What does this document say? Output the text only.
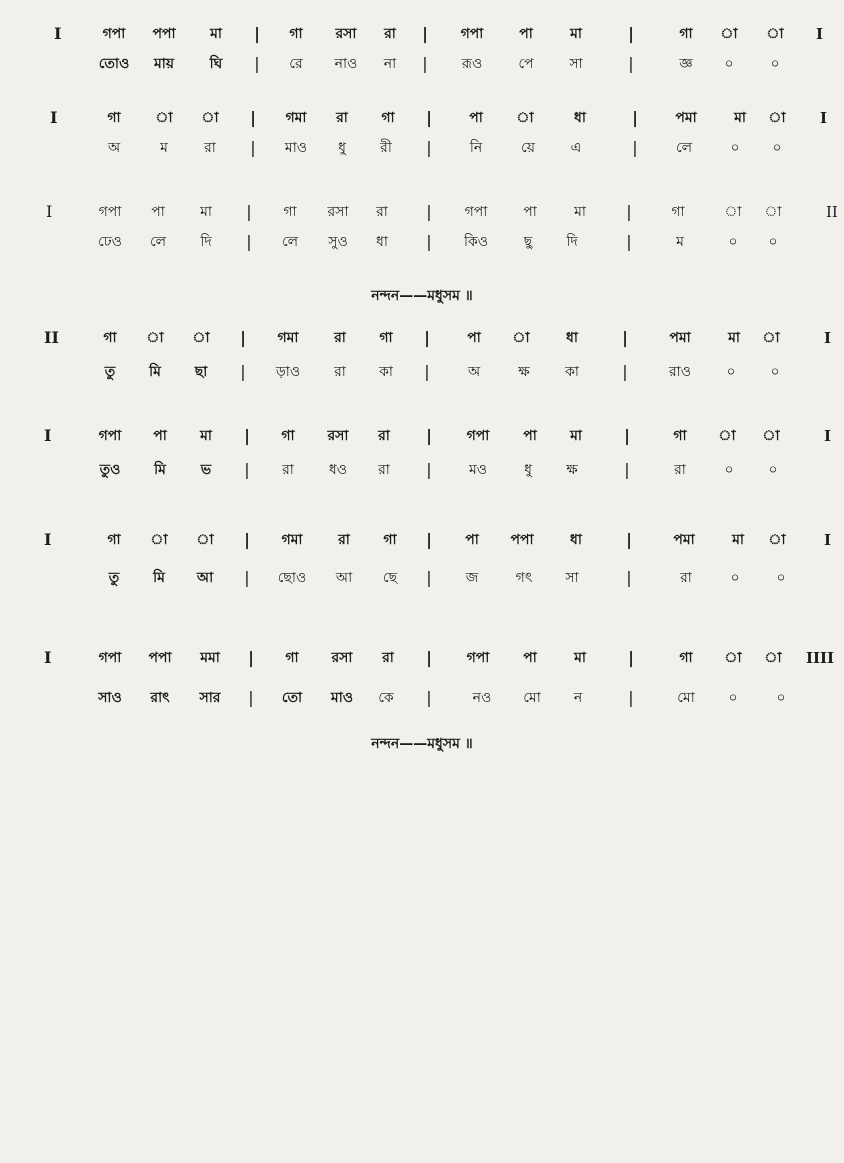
I	গপা	পপা	মা	|	গা	রসা	রা	|	গপা	পা	মা	|	গা	া	া	I
তোও	মায়	ঘি	|	রে	নাও	না	|	রূও	পে	সা	|	জ্ঞ	০	০
I	গা	া	া	|	গমা	রা	গা	|	পা	া	ধা	|	পমা	মা	া	I
অ	ম	রা	|	মাও	ধু	রী	|	নি	য়ে	এ	|	লে	০	০
I	গপা	পা	মা	|	গা	রসা	রা	|	গপা	পা	মা	|	গা	া	া	II
ঢেও	লে	দি	|	লে	সুও	ধা	|	কিও	ছু	দি	|	ম	০	০
নন্দন——মধুসম ॥
II	গা	া	া	|	গমা	রা	গা	|	পা	া	ধা	|	পমা	মা	া	I
তু	মি	ছা	|	ড়াও	রা	কা	|	অ	ক্ষ	কা	|	রাও	০	০
I	গপা	পা	মা	|	গা	রসা	রা	|	গপা	পা	মা	|	গা	া	া	I
তুও	মি	ভ	|	রা	ধও	রা	|	মও	ধু	ক্ষ	|	রা	০	০
I	গা	া	া	|	গমা	রা	গা	|	পা	পপা	ধা	|	পমা	মা	া	I
তু	মি	আ	|	ছোও	আ	ছে	|	জ	গৎ	সা	|	রা	০	০
I	গপা	পপা	মমা	|	গা	রসা	রা	|	গপা	পা	মা	|	গা	া	া	IIII
সাও	রাৎ	সার	|	তো	মাও	কে	|	নও	মো	ন	|	মো	০	০
নন্দন——মধুসম ॥
